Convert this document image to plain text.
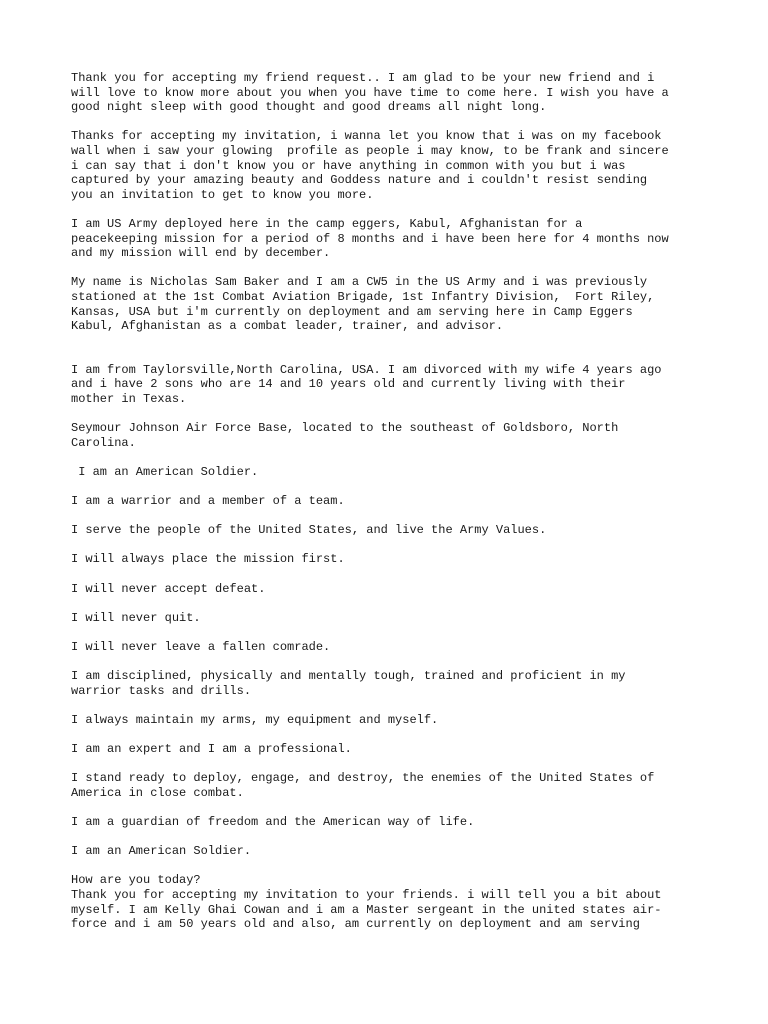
Thank you for accepting my friend request.. I am glad to be your new friend and i
will love to know more about you when you have time to come here. I wish you have a
good night sleep with good thought and good dreams all night long.

Thanks for accepting my invitation, i wanna let you know that i was on my facebook
wall when i saw your glowing  profile as people i may know, to be frank and sincere
i can say that i don't know you or have anything in common with you but i was
captured by your amazing beauty and Goddess nature and i couldn't resist sending
you an invitation to get to know you more.

I am US Army deployed here in the camp eggers, Kabul, Afghanistan for a
peacekeeping mission for a period of 8 months and i have been here for 4 months now
and my mission will end by december.

My name is Nicholas Sam Baker and I am a CW5 in the US Army and i was previously
stationed at the 1st Combat Aviation Brigade, 1st Infantry Division,  Fort Riley,
Kansas, USA but i'm currently on deployment and am serving here in Camp Eggers
Kabul, Afghanistan as a combat leader, trainer, and advisor.

I am from Taylorsville,North Carolina, USA. I am divorced with my wife 4 years ago
and i have 2 sons who are 14 and 10 years old and currently living with their
mother in Texas.

Seymour Johnson Air Force Base, located to the southeast of Goldsboro, North
Carolina.

I am an American Soldier.

I am a warrior and a member of a team.

I serve the people of the United States, and live the Army Values.

I will always place the mission first.

I will never accept defeat.

I will never quit.

I will never leave a fallen comrade.

I am disciplined, physically and mentally tough, trained and proficient in my
warrior tasks and drills.

I always maintain my arms, my equipment and myself.

I am an expert and I am a professional.

I stand ready to deploy, engage, and destroy, the enemies of the United States of
America in close combat.

I am a guardian of freedom and the American way of life.

I am an American Soldier.

How are you today?
Thank you for accepting my invitation to your friends. i will tell you a bit about
myself. I am Kelly Ghai Cowan and i am a Master sergeant in the united states air-
force and i am 50 years old and also, am currently on deployment and am serving
